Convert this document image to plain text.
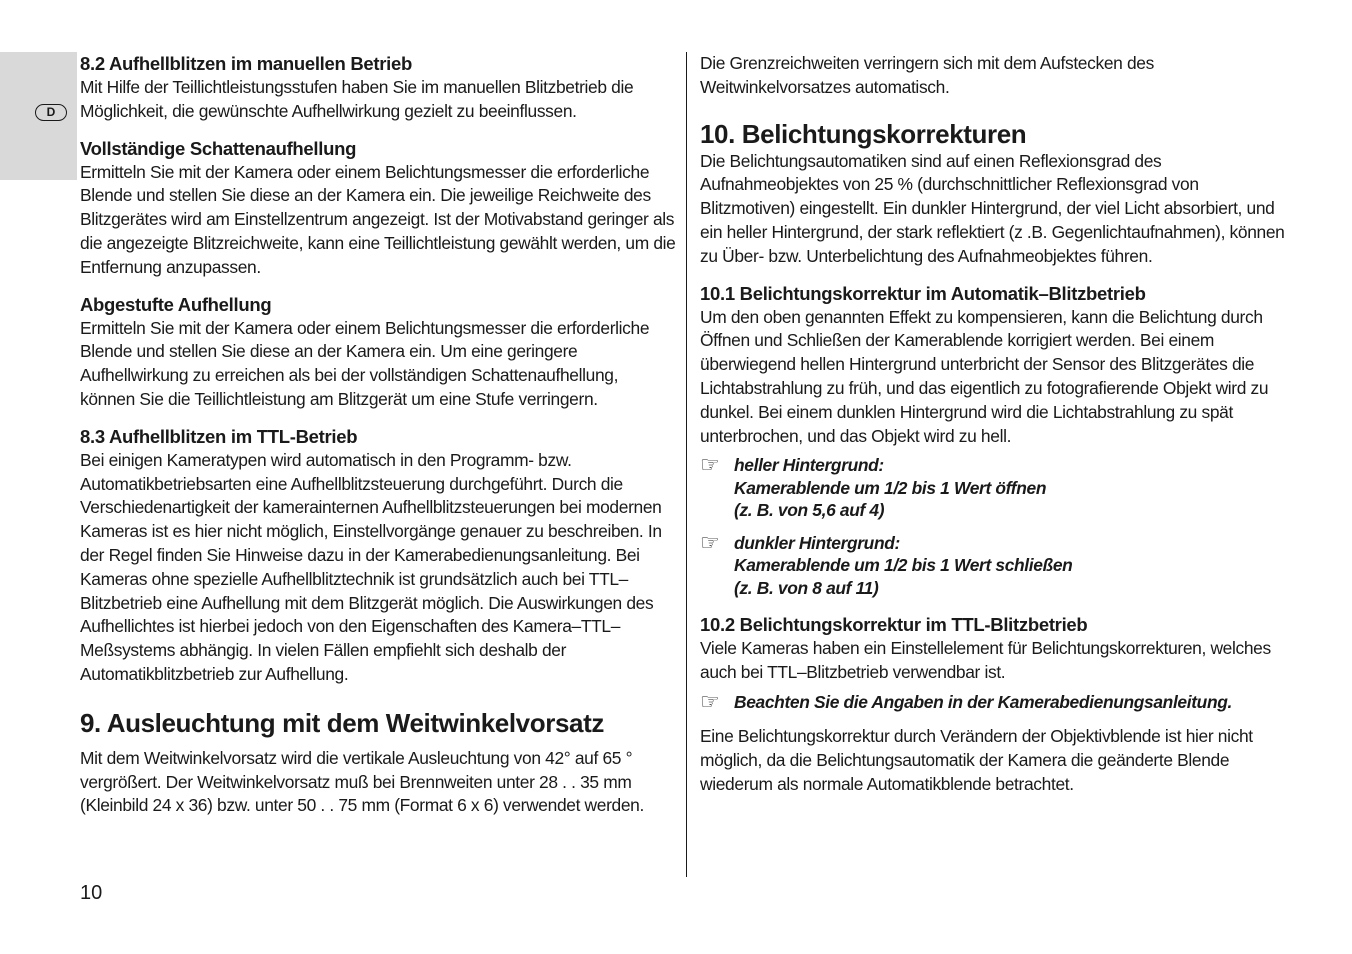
D
8.2 Aufhellblitzen im manuellen Betrieb

Mit Hilfe der Teillichtleistungsstufen haben Sie im manuellen Blitzbetrieb die Möglichkeit, die gewünschte Aufhellwirkung gezielt zu beeinflussen.

Vollständige Schattenaufhellung

Ermitteln Sie mit der Kamera oder einem Belichtungsmesser die erforderliche Blende und stellen Sie diese an der Kamera ein. Die jeweilige Reichweite des Blitzgerätes wird am Einstellzentrum angezeigt. Ist der Motivabstand geringer als die angezeigte Blitzreichweite, kann eine Teillichtleistung gewählt werden, um die Entfernung anzupassen.

Abgestufte Aufhellung

Ermitteln Sie mit der Kamera oder einem Belichtungsmesser die erforderliche Blende und stellen Sie diese an der Kamera ein. Um eine geringere Aufhellwirkung zu erreichen als bei der vollständigen Schattenaufhellung, können Sie die Teillichtleistung am Blitzgerät um eine Stufe verringern.

8.3 Aufhellblitzen im TTL-Betrieb

Bei einigen Kameratypen wird automatisch in den Programm- bzw. Automatikbetriebsarten eine Aufhellblitzsteuerung durchgeführt. Durch die Verschiedenartigkeit der kamerainternen Aufhellblitzsteuerungen bei modernen Kameras ist es hier nicht möglich, Einstellvorgänge genauer zu beschreiben. In der Regel finden Sie Hinweise dazu in der Kamerabedienungsanleitung. Bei Kameras ohne spezielle Aufhellblitztechnik ist grundsätzlich auch bei TTL–Blitzbetrieb eine Aufhellung mit dem Blitzgerät möglich. Die Auswirkungen des Aufhellichtes ist hierbei jedoch von den Eigenschaften des Kamera–TTL–Meßsystems abhängig. In vielen Fällen empfiehlt sich deshalb der Automatikblitzbetrieb zur Aufhellung.

9. Ausleuchtung mit dem Weitwinkelvorsatz

Mit dem Weitwinkelvorsatz wird die vertikale Ausleuchtung von 42° auf 65 ° vergrößert. Der Weitwinkelvorsatz muß bei Brennweiten unter 28 . . 35 mm (Kleinbild 24 x 36) bzw. unter 50 . . 75 mm (Format 6 x 6) verwendet werden.

Die Grenzreichweiten verringern sich mit dem Aufstecken des Weitwinkelvorsatzes automatisch.

10. Belichtungskorrekturen

Die Belichtungsautomatiken sind auf einen Reflexionsgrad des Aufnahmeobjektes von 25 % (durchschnittlicher Reflexionsgrad von Blitzmotiven) eingestellt. Ein dunkler Hintergrund, der viel Licht absorbiert, und ein heller Hintergrund, der stark reflektiert (z .B. Gegenlichtaufnahmen), können zu Über- bzw. Unterbelichtung des Aufnahmeobjektes führen.

10.1 Belichtungskorrektur im Automatik–Blitzbetrieb

Um den oben genannten Effekt zu kompensieren, kann die Belichtung durch Öffnen und Schließen der Kamerablende korrigiert werden. Bei einem überwiegend hellen Hintergrund unterbricht der Sensor des Blitzgerätes die Lichtabstrahlung zu früh, und das eigentlich zu fotografierende Objekt wird zu dunkel. Bei einem dunklen Hintergrund wird die Lichtabstrahlung zu spät unterbrochen, und das Objekt wird zu hell.

☞ heller Hintergrund:
Kamerablende um 1/2 bis 1 Wert öffnen
(z. B. von 5,6 auf 4)
☞ dunkler Hintergrund:
Kamerablende um 1/2 bis 1 Wert schließen
(z. B. von 8 auf 11)
10.2 Belichtungskorrektur im TTL-Blitzbetrieb

Viele Kameras haben ein Einstellelement für Belichtungskorrekturen, welches auch bei TTL–Blitzbetrieb verwendbar ist.

☞ Beachten Sie die Angaben in der Kamerabedienungsanleitung.

Eine Belichtungskorrektur durch Verändern der Objektivblende ist hier nicht möglich, da die Belichtungsautomatik der Kamera die geänderte Blende wiederum als normale Automatikblende betrachtet.

10
